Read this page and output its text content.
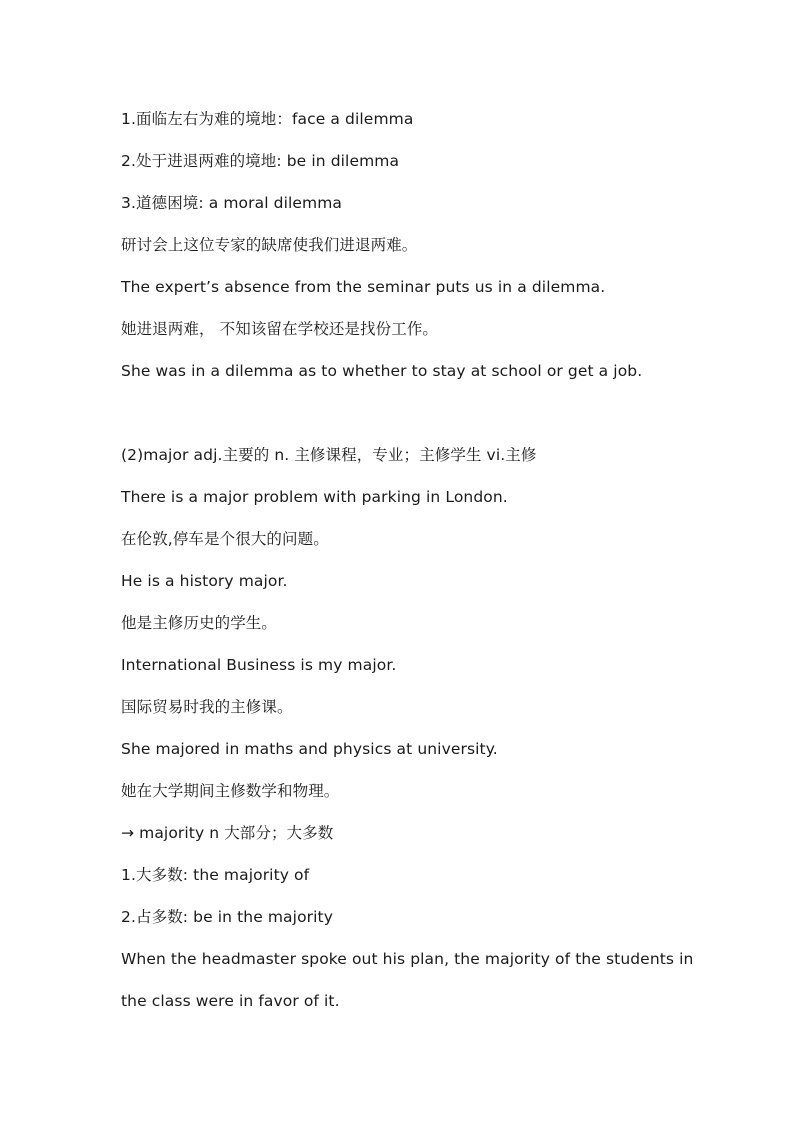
1.面临左右为难的境地：face a dilemma
2.处于进退两难的境地: be in dilemma
3.道德困境: a moral dilemma
研讨会上这位专家的缺席使我们进退两难。
The expert’s absence from the seminar puts us in a dilemma.
她进退两难， 不知该留在学校还是找份工作。
She was in a dilemma as to whether to stay at school or get a job.
(2)major adj.主要的 n. 主修课程，专业；主修学生 vi.主修
There is a major problem with parking in London.
在伦敦,停车是个很大的问题。
He is a history major.
他是主修历史的学生。
International Business is my major.
国际贸易时我的主修课。
She majored in maths and physics at university.
她在大学期间主修数学和物理。
→ majority n 大部分；大多数
1.大多数: the majority of
2.占多数: be in the majority
When the headmaster spoke out his plan, the majority of the students in
the class were in favor of it.
